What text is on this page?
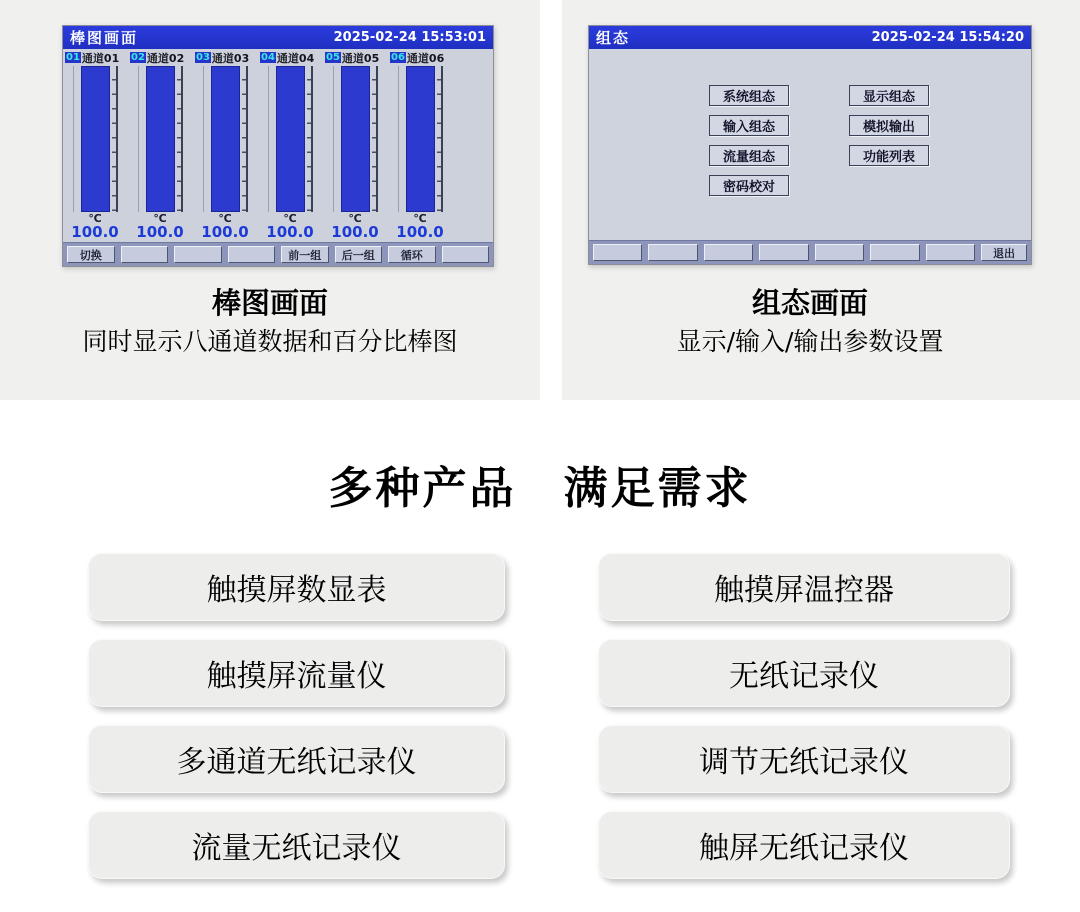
棒图画面	2025-02-24 15:53:01
01 通道01
℃
100.0
02 通道02
℃
100.0
03 通道03
℃
100.0
04 通道04
℃
100.0
05 通道05
℃
100.0
06 通道06
℃
100.0
切换	前一组	后一组	循环
组态	2025-02-24 15:54:20
系统组态
输入组态
流量组态
密码校对
显示组态
模拟输出
功能列表
退出
棒图画面
同时显示八通道数据和百分比棒图
组态画面
显示/输入/输出参数设置
多种产品　满足需求
触摸屏数显表	触摸屏温控器
触摸屏流量仪	无纸记录仪
多通道无纸记录仪	调节无纸记录仪
流量无纸记录仪	触屏无纸记录仪
